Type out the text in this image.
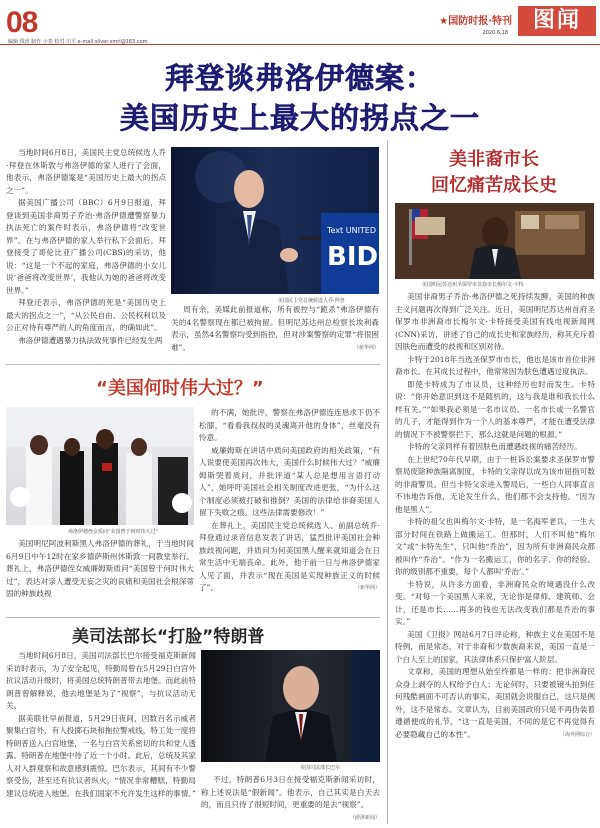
08
编辑 钱涛 制作 小奏 校对 川平 e-mail:silver-smrl@163.com
★国防时报·特刊
2020.6.18	图闻
拜登谈弗洛伊德案：
美国历史上最大的拐点之一

当地时间6月8日，美国民主党总统候选人乔·拜登在休斯敦与弗洛伊德的家人进行了会面，他表示，弗洛伊德案是“美国历史上最大的拐点之一”。

据美国广播公司（BBC）6月9日报道，拜登谈到美国非裔男子乔治·弗洛伊德遭警察暴力执法死亡的案件时表示，弗洛伊德将“改变世界”。在与弗洛伊德的家人举行私下会面后，拜登接受了哥伦比亚广播公司(CBS)的采访，他说：“这是一个不起的家庭，弗洛伊德的小女儿说‘爸爸将改变世界’，我他认为她的爸爸将改变世界。”

拜登还表示，弗洛伊德的死是“美国历史上最大的拐点之一”，“从公民自由、公民权利以及公正对待有尊严的人的角度而言，的确如此”。

弗洛伊德遭遇暴力执法致死事件已经发生两

Text UNITED
BID
美国民主党总统候选人乔·拜登

周有余，美媒此前报道称，所有被控与“跪杀”弗洛伊德有关的4名警察现在都已被拘留。但明尼苏达州总检察长埃利森表示，虽然4名警察均受到指控，但对涉案警察的定罪“将很困难”。	（新华网）

“美国何时伟大过？”
弗洛伊德侄女质问“美国曾于何时伟大过”

美国明尼阿波利斯黑人弗洛伊德的葬礼，于当地时间6月9日中午12时在家乡德萨斯州休斯敦一间教堂举行。葬礼上，弗洛伊德侄女威廉姆斯质问“美国曾于何时伟大过”，表达对亲人遭受无妄之灾的哀痛和美国社会根深蒂固的种族歧视

的不满，她批评，警察在弗洛伊德连连恳求下仍不松膝，“看看我叔叔的灵魂离开他的身体”，丝毫没有怜意。

威廉姆斯在讲话中质问美国政府的相关政策，“有人说要使美国再次伟大，美国什么时候伟大过？”威廉姆斯哭着质问，并批评道“某人总是想用言语打动人”，她呼吁美国社会相关制度改进更张，“为什么这个制度必须被打破和推倒？美国的法律给非裔美国人留下失败之痕。这些法律需要修改！”

在葬礼上，美国民主党总统候选人、前副总统乔·拜登通过录音信息发表了讲话，猛烈批评美国社会种族歧视问题，并质问为何美国黑人醒来就知道会在日常生活中无端丧命。此外，他于前一日与弗洛伊德家人见了面，并表示“现在美国是实现种族正义的时候了”。	（新华网）

美司法部长“打脸”特朗普

当地时间6月8日，美国司法部长巴尔接受福克斯新闻采访时表示，为了安全起见，特勤局曾在5月29日白宫外抗议活动升级时，将美国总统特朗普带去地堡。而此前特朗普曾解释说，他去地堡是为了“视察”，与抗议活动无关。

据美联社早前报道，5月29日夜间，因数百名示威者聚集白宫外，有人投掷石块和拖拉警戒线，特工处一度将特朗普送入白宫地堡，一名与白宫关系密切的共和党人透露。特朗普在地堡中待了近一个小时。此后，总统及其家人对入群观察和故意感到震惊。巴尔表示，其间有不少警察受伤，甚至还有抗议者纵火，“情况非常糟糕，特勤局建议总统进入地堡。在我们国家不允许发生这样的事情。”

美国司法部长巴尔

不过，特朗普6月3日在接受福克斯新闻采访时，称上述说法是“假新闻”。他表示，自己其实是白天去的，而且只待了很短时间，更重要的是去“视察”。
（澎湃新闻）

美非裔市长
回忆痛苦成长史
美国明尼苏达州圣保罗市非裔市长梅尔文·卡特

美国非裔男子乔治·弗洛伊德之死持续发酵，美国的种族主义问题再次得到广泛关注。近日，美国明尼苏达州首府圣保罗市非洲裔市长梅尔文·卡特接受美国有线电视新闻网(CNN)采访，讲述了自己的成长史和家族经历，称其充斥着因肤色而遭受的歧视和区别对待。

卡特于2018年当选圣保罗市市长，他也是该市首位非洲裔市长。在其成长过程中，他常常因为肤色遭遇过度执法。

即使卡特成为了市议员，这种经历也时而发生。卡特说：“你开始意识到这不是随机的，这与我是谁和我长什么样有关。”“如果我必须是一名市议员、一名市长或一名警官的儿子，才能得到作为一个人的基本尊严，才能在遭受法律的情况下不被警察拦下，那么这就是问题的根源。”

卡特的父亲同样有着因肤色而遭遇歧视的痛苦经历。

在上世纪70年代早期，由于一桩诉讼案要求圣保罗市警察局废除种族隔离制度，卡特的父亲得以成为该市屈指可数的非裔警员。但当卡特父亲进入警局后，一些白人同事直言不讳地告诉他，无论发生什么，他们都不会支持他。“因为他是黑人”。

卡特的祖父也叫梅尔文·卡特，是一名海军老兵，一生大部分时间在铁路上做搬运工。但那时，人们不叫他“梅尔文”或“卡特先生”，只叫他“乔治”，因为所有非洲裔民众都被叫作“乔治”。“作为一名搬运工，你的名字、你的经验、你的级别都不重要，每个人都叫‘乔治’。”

卡特说，从许多方面看，非洲裔民众的境遇没什么改变。“对每一个美国黑人来说，无论你是律师、建筑师、会计，还是市长……再多的钱也无法改变我们都是乔治的事实。”

美国《卫报》网站6月7日评论称，种族主义在美国不是特例，而是常态，对于非裔和少数族裔来说，美国一直是一个白人至上的国家，其法律体系只保护富人阶层。

文章称，美国的理想从始至终都是一样的：把非洲裔民众身上剥夺的人权给予白人；无论何时，只要被镜头拍到任何残酷画面不可否认的事实，美国就会说服自己，这只是例外，这不是常态。文章认为，目前美国政府只是不再伪装着遵循便成的礼节，“这一直是美国，不同的是它不再觉得有必要隐藏自己的本性”。	（海外网综合）
